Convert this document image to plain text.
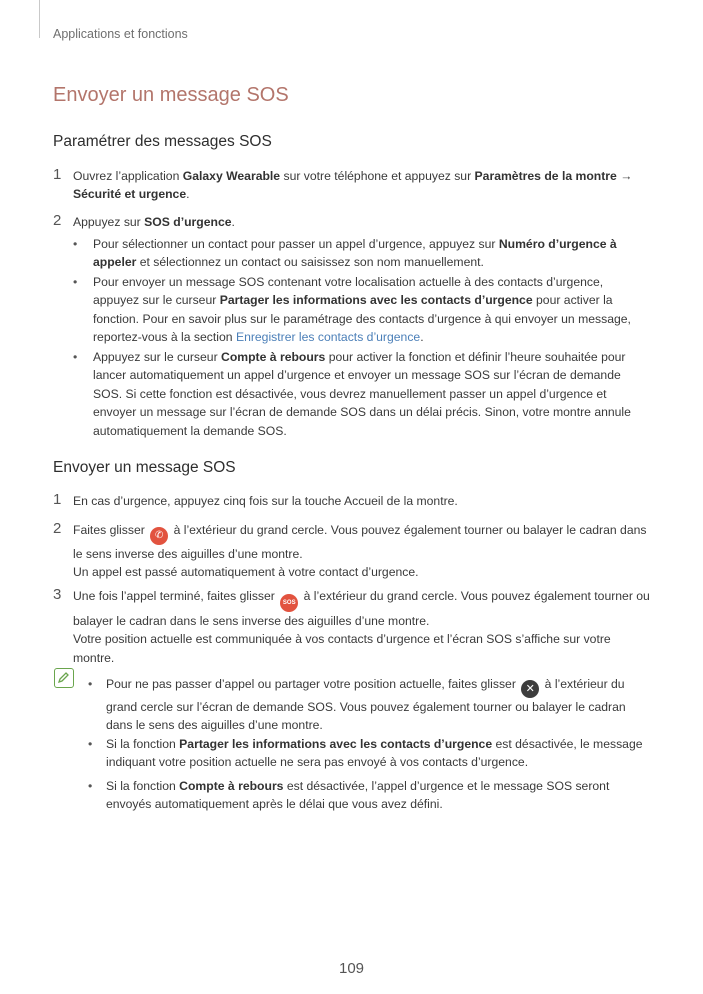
Applications et fonctions
Envoyer un message SOS
Paramétrer des messages SOS
1 Ouvrez l’application Galaxy Wearable sur votre téléphone et appuyez sur Paramètres de la montre →
Sécurité et urgence.

2 Appuyez sur SOS d’urgence.

• Pour sélectionner un contact pour passer un appel d’urgence, appuyez sur Numéro d’urgence à appeler et sélectionnez un contact ou saisissez son nom manuellement.

• Pour envoyer un message SOS contenant votre localisation actuelle à des contacts d’urgence, appuyez sur le curseur Partager les informations avec les contacts d’urgence pour activer la fonction. Pour en savoir plus sur le paramétrage des contacts d’urgence à qui envoyer un message, reportez-vous à la section Enregistrer les contacts d’urgence.

• Appuyez sur le curseur Compte à rebours pour activer la fonction et définir l’heure souhaitée pour lancer automatiquement un appel d’urgence et envoyer un message SOS sur l’écran de demande SOS. Si cette fonction est désactivée, vous devrez manuellement passer un appel d’urgence et envoyer un message sur l’écran de demande SOS dans un délai précis. Sinon, votre montre annule automatiquement la demande SOS.

Envoyer un message SOS
1 En cas d’urgence, appuyez cinq fois sur la touche Accueil de la montre.

2 Faites glisser ✆ à l’extérieur du grand cercle. Vous pouvez également tourner ou balayer le cadran dans le sens inverse des aiguilles d’une montre.
Un appel est passé automatiquement à votre contact d’urgence.

3 Une fois l’appel terminé, faites glisser SOS à l’extérieur du grand cercle. Vous pouvez également tourner ou balayer le cadran dans le sens inverse des aiguilles d’une montre.
Votre position actuelle est communiquée à vos contacts d’urgence et l’écran SOS s’affiche sur votre montre.

• Pour ne pas passer d’appel ou partager votre position actuelle, faites glisser ✕ à l’extérieur du grand cercle sur l’écran de demande SOS. Vous pouvez également tourner ou balayer le cadran dans le sens des aiguilles d’une montre.

• Si la fonction Partager les informations avec les contacts d’urgence est désactivée, le message indiquant votre position actuelle ne sera pas envoyé à vos contacts d’urgence.

• Si la fonction Compte à rebours est désactivée, l’appel d’urgence et le message SOS seront envoyés automatiquement après le délai que vous avez défini.

109
